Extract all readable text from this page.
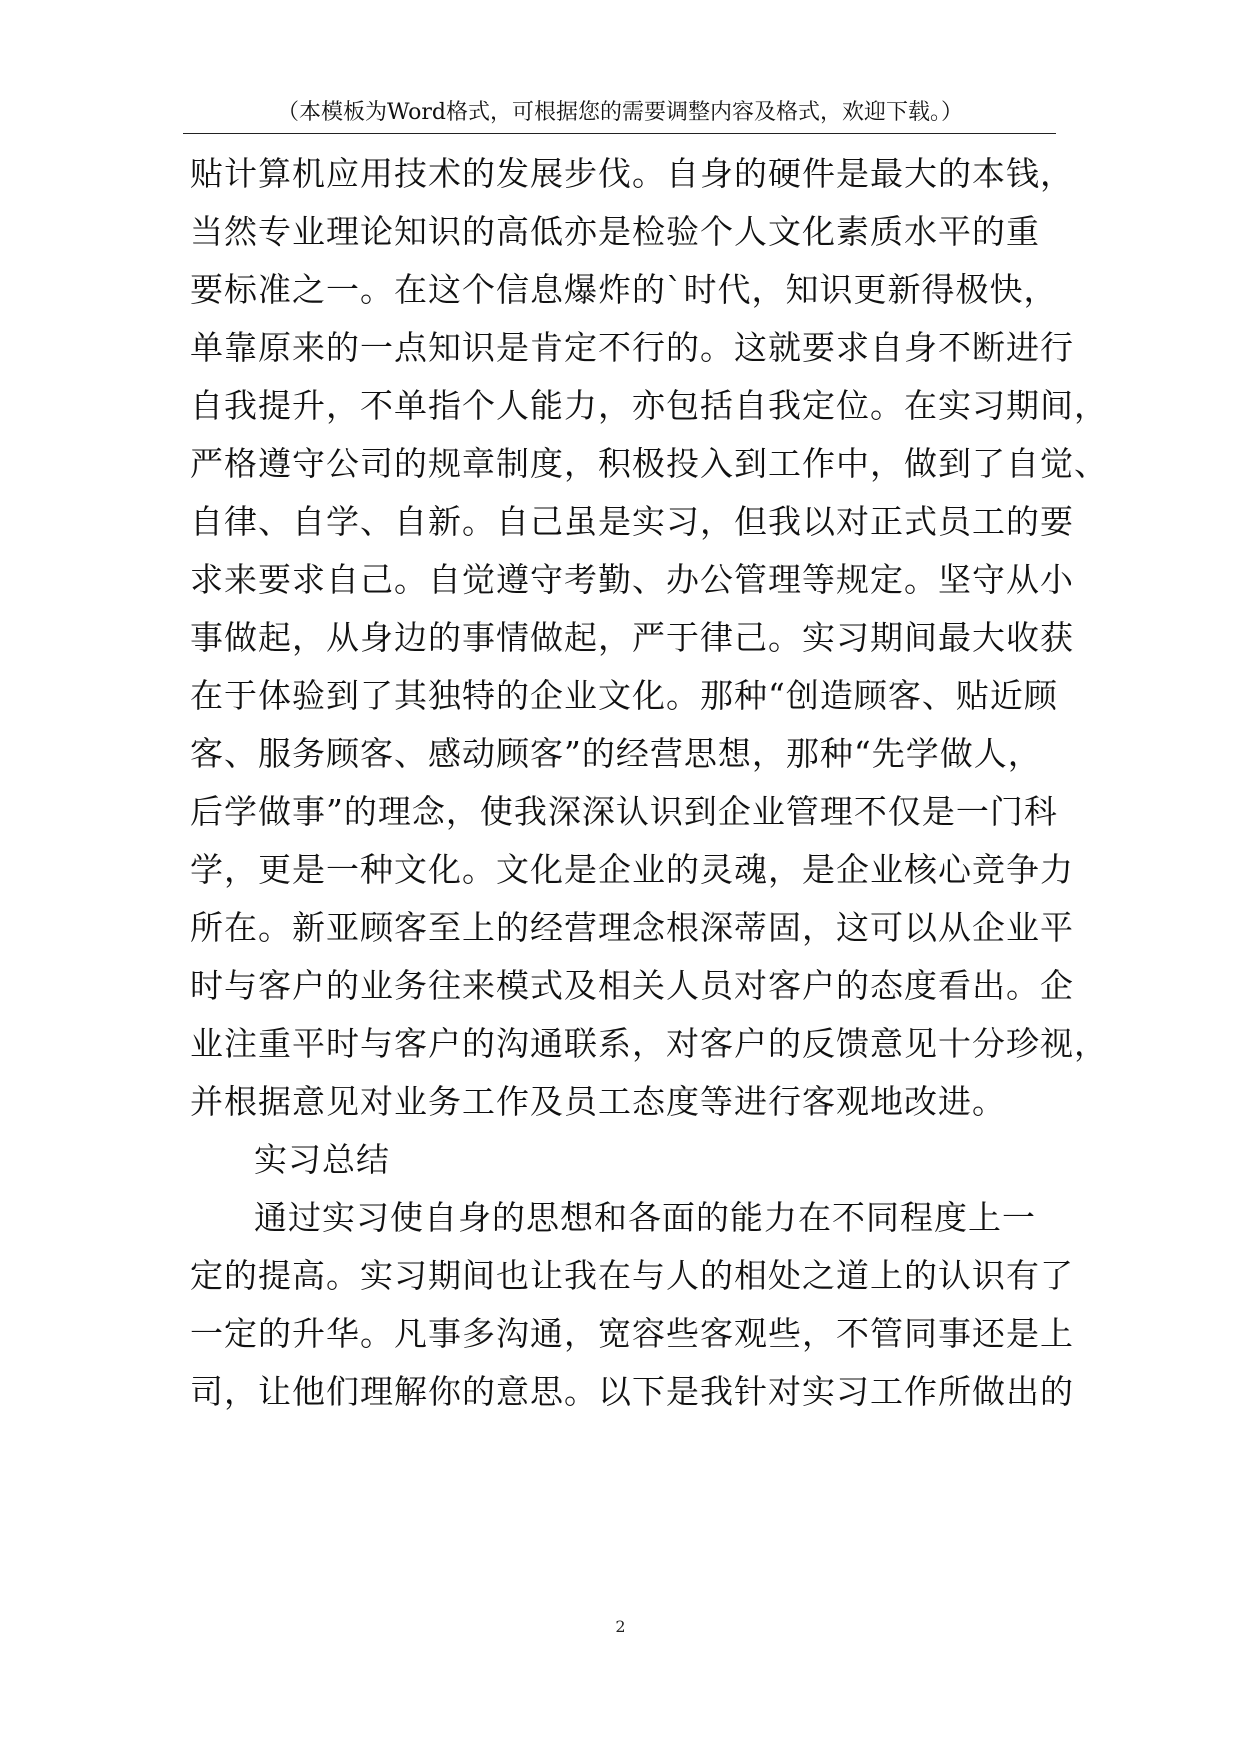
（本模板为Word格式，可根据您的需要调整内容及格式，欢迎下载。）
贴计算机应用技术的发展步伐。自身的硬件是最大的本钱，
当然专业理论知识的高低亦是检验个人文化素质水平的重
要标准之一。在这个信息爆炸的`时代，知识更新得极快，
单靠原来的一点知识是肯定不行的。这就要求自身不断进行
自我提升，不单指个人能力，亦包括自我定位。在实习期间，
严格遵守公司的规章制度，积极投入到工作中，做到了自觉、
自律、自学、自新。自己虽是实习，但我以对正式员工的要
求来要求自己。自觉遵守考勤、办公管理等规定。坚守从小
事做起，从身边的事情做起，严于律己。实习期间最大收获
在于体验到了其独特的企业文化。那种“创造顾客、贴近顾
客、服务顾客、感动顾客”的经营思想，那种“先学做人，
后学做事”的理念，使我深深认识到企业管理不仅是一门科
学，更是一种文化。文化是企业的灵魂，是企业核心竞争力
所在。新亚顾客至上的经营理念根深蒂固，这可以从企业平
时与客户的业务往来模式及相关人员对客户的态度看出。企
业注重平时与客户的沟通联系，对客户的反馈意见十分珍视，
并根据意见对业务工作及员工态度等进行客观地改进。
实习总结
通过实习使自身的思想和各面的能力在不同程度上一
定的提高。实习期间也让我在与人的相处之道上的认识有了
一定的升华。凡事多沟通，宽容些客观些，不管同事还是上
司，让他们理解你的意思。以下是我针对实习工作所做出的
2
